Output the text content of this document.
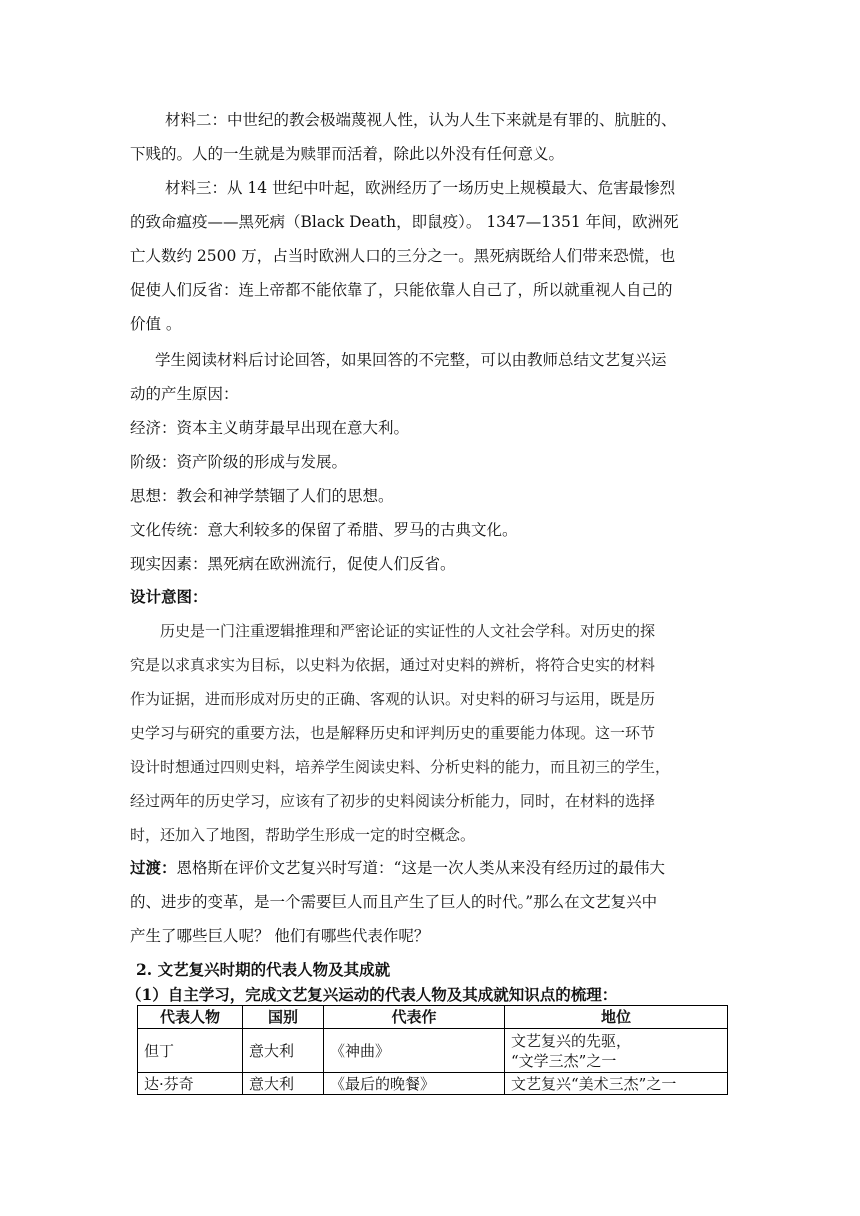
材料二：中世纪的教会极端蔑视人性，认为人生下来就是有罪的、肮脏的、
下贱的。人的一生就是为赎罪而活着，除此以外没有任何意义。
材料三：从 14 世纪中叶起，欧洲经历了一场历史上规模最大、危害最惨烈
的致命瘟疫——黑死病（Black Death，即鼠疫）。 1347—1351 年间，欧洲死
亡人数约 2500 万，占当时欧洲人口的三分之一。黑死病既给人们带来恐慌，也
促使人们反省：连上帝都不能依靠了，只能依靠人自己了，所以就重视人自己的
价值 。
学生阅读材料后讨论回答，如果回答的不完整，可以由教师总结文艺复兴运
动的产生原因：
经济：资本主义萌芽最早出现在意大利。
阶级：资产阶级的形成与发展。
思想：教会和神学禁锢了人们的思想。
文化传统：意大利较多的保留了希腊、罗马的古典文化。
现实因素：黑死病在欧洲流行，促使人们反省。
设计意图：
历史是一门注重逻辑推理和严密论证的实证性的人文社会学科。对历史的探
究是以求真求实为目标，以史料为依据，通过对史料的辨析，将符合史实的材料
作为证据，进而形成对历史的正确、客观的认识。对史料的研习与运用，既是历
史学习与研究的重要方法，也是解释历史和评判历史的重要能力体现。这一环节
设计时想通过四则史料，培养学生阅读史料、分析史料的能力，而且初三的学生，
经过两年的历史学习，应该有了初步的史料阅读分析能力，同时，在材料的选择
时，还加入了地图，帮助学生形成一定的时空概念。
过渡：恩格斯在评价文艺复兴时写道：“这是一次人类从来没有经历过的最伟大
的、进步的变革，是一个需要巨人而且产生了巨人的时代。”那么在文艺复兴中
产生了哪些巨人呢？ 他们有哪些代表作呢？
2. 文艺复兴时期的代表人物及其成就
（1）自主学习，完成文艺复兴运动的代表人物及其成就知识点的梳理：
代表人物	国别	代表作	地位
但丁	意大利	《神曲》	文艺复兴的先驱，
“文学三杰”之一

达·芬奇	意大利	《最后的晚餐》	文艺复兴“美术三杰”之一
